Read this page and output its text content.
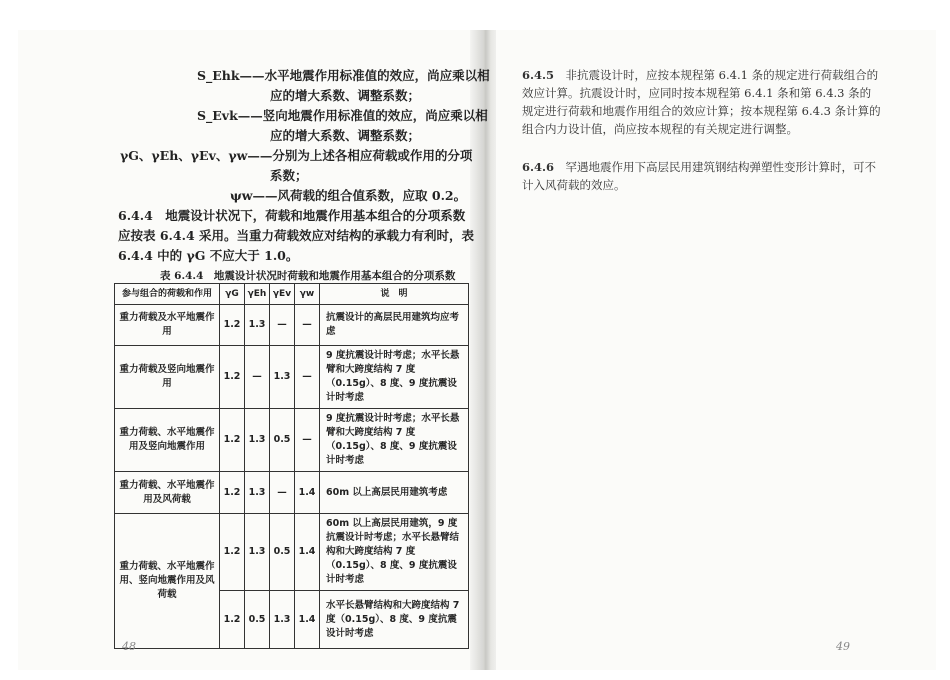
S_Ehk——水平地震作用标准值的效应，尚应乘以相
应的增大系数、调整系数；
S_Evk——竖向地震作用标准值的效应，尚应乘以相
应的增大系数、调整系数；
γG、γEh、γEv、γw——分别为上述各相应荷载或作用的分项
系数；
ψw——风荷载的组合值系数，应取 0.2。
6.4.4　地震设计状况下，荷载和地震作用基本组合的分项系数
应按表 6.4.4 采用。当重力荷载效应对结构的承载力有利时，表
6.4.4 中的 γG 不应大于 1.0。
表 6.4.4　地震设计状况时荷载和地震作用基本组合的分项系数
参与组合的荷载和作用	γG	γEh	γEv	γw	说　明
重力荷载及水平地震作用	1.2	1.3	—	—	抗震设计的高层民用建筑均应考虑
重力荷载及竖向地震作用	1.2	—	1.3	—	9 度抗震设计时考虑；水平长悬臂和大跨度结构 7 度（0.15g）、8 度、9 度抗震设计时考虑
重力荷载、水平地震作用及竖向地震作用	1.2	1.3	0.5	—	9 度抗震设计时考虑；水平长悬臂和大跨度结构 7 度（0.15g）、8 度、9 度抗震设计时考虑
重力荷载、水平地震作用及风荷载	1.2	1.3	—	1.4	60m 以上高层民用建筑考虑
重力荷载、水平地震作用、竖向地震作用及风荷载	1.2	1.3	0.5	1.4	60m 以上高层民用建筑，9 度抗震设计时考虑；水平长悬臂结构和大跨度结构 7 度（0.15g）、8 度、9 度抗震设计时考虑
	1.2	0.5	1.3	1.4	水平长悬臂结构和大跨度结构 7 度（0.15g）、8 度、9 度抗震设计时考虑
48
6.4.5　 非抗震设计时，应按本规程第 6.4.1 条的规定进行荷载组合的效应计算。抗震设计时，应同时按本规程第 6.4.1 条和第 6.4.3 条的规定进行荷载和地震作用组合的效应计算；按本规程第 6.4.3 条计算的组合内力设计值，尚应按本规程的有关规定进行调整。
6.4.6　 罕遇地震作用下高层民用建筑钢结构弹塑性变形计算时，可不计入风荷载的效应。
49
